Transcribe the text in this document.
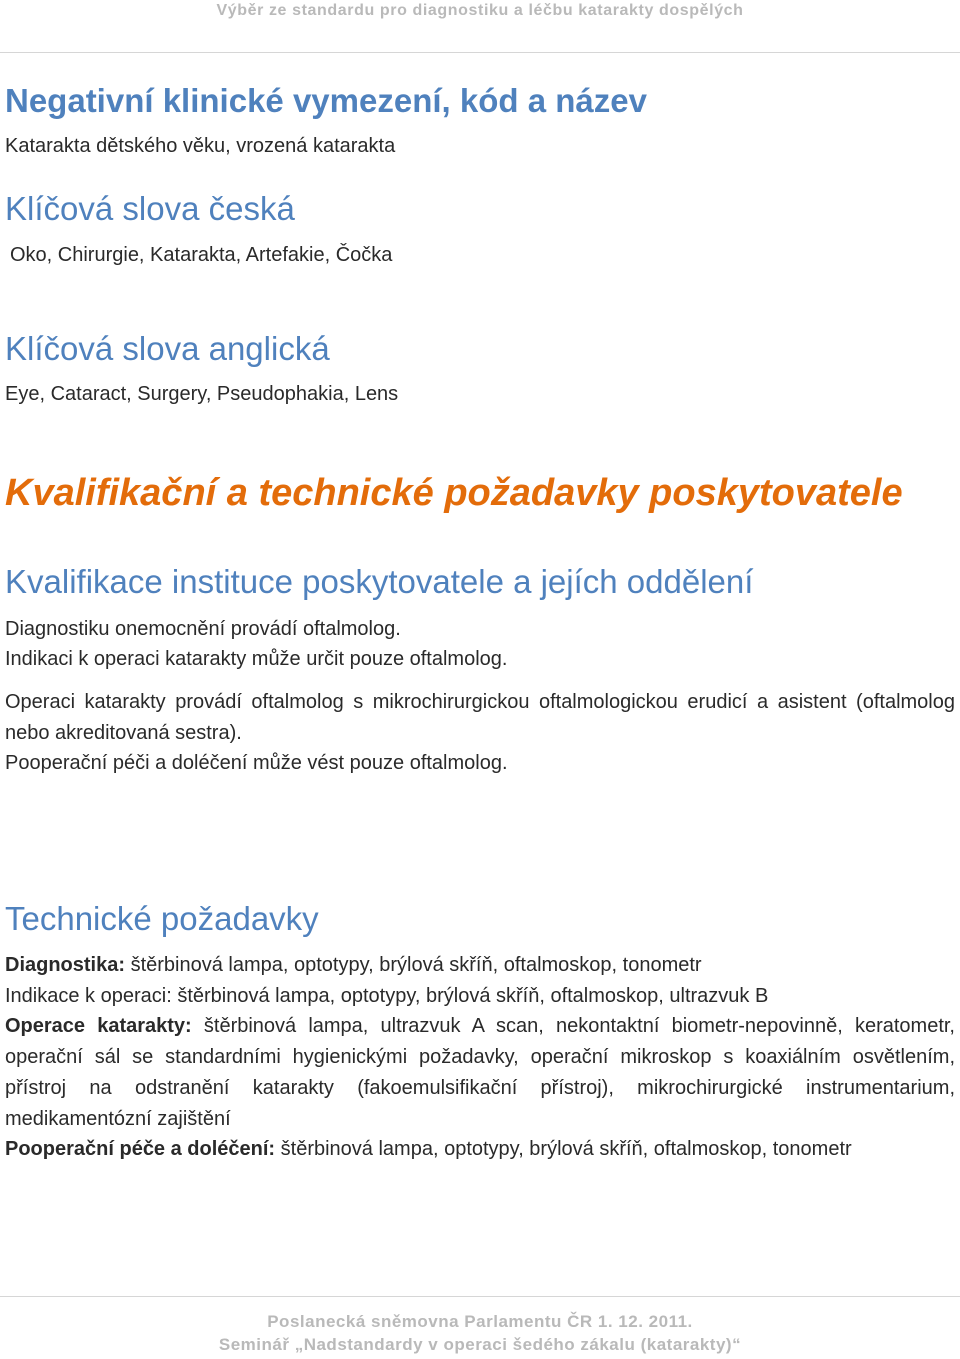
Výběr ze standardu pro diagnostiku a léčbu katarakty dospělých
Negativní klinické vymezení, kód a název
Katarakta dětského věku, vrozená katarakta
Klíčová slova česká
Oko, Chirurgie, Katarakta, Artefakie, Čočka
Klíčová slova anglická
Eye, Cataract, Surgery, Pseudophakia, Lens
Kvalifikační a technické požadavky poskytovatele
Kvalifikace instituce poskytovatele a jejích oddělení
Diagnostiku onemocnění provádí oftalmolog.
Indikaci k operaci katarakty může určit pouze oftalmolog.
Operaci katarakty provádí oftalmolog s mikrochirurgickou oftalmologickou erudicí a asistent (oftalmolog nebo akreditovaná sestra).
Pooperační péči a doléčení může vést pouze oftalmolog.
Technické požadavky
Diagnostika: štěrbinová lampa, optotypy, brýlová skříň, oftalmoskop, tonometr
Indikace k operaci: štěrbinová lampa, optotypy, brýlová skříň, oftalmoskop, ultrazvuk B
Operace katarakty: štěrbinová lampa, ultrazvuk A scan, nekontaktní biometr-nepovinně, keratometr, operační sál se standardními hygienickými požadavky, operační mikroskop s koaxiálním osvětlením, přístroj na odstranění katarakty (fakoemulsifikační přístroj), mikrochirurgické instrumentarium, medikamentózní zajištění
Pooperační péče a doléčení: štěrbinová lampa, optotypy, brýlová skříň, oftalmoskop, tonometr
Poslanecká sněmovna Parlamentu ČR 1. 12. 2011.
Seminář „Nadstandardy v operaci šedého zákalu (katarakty)“
